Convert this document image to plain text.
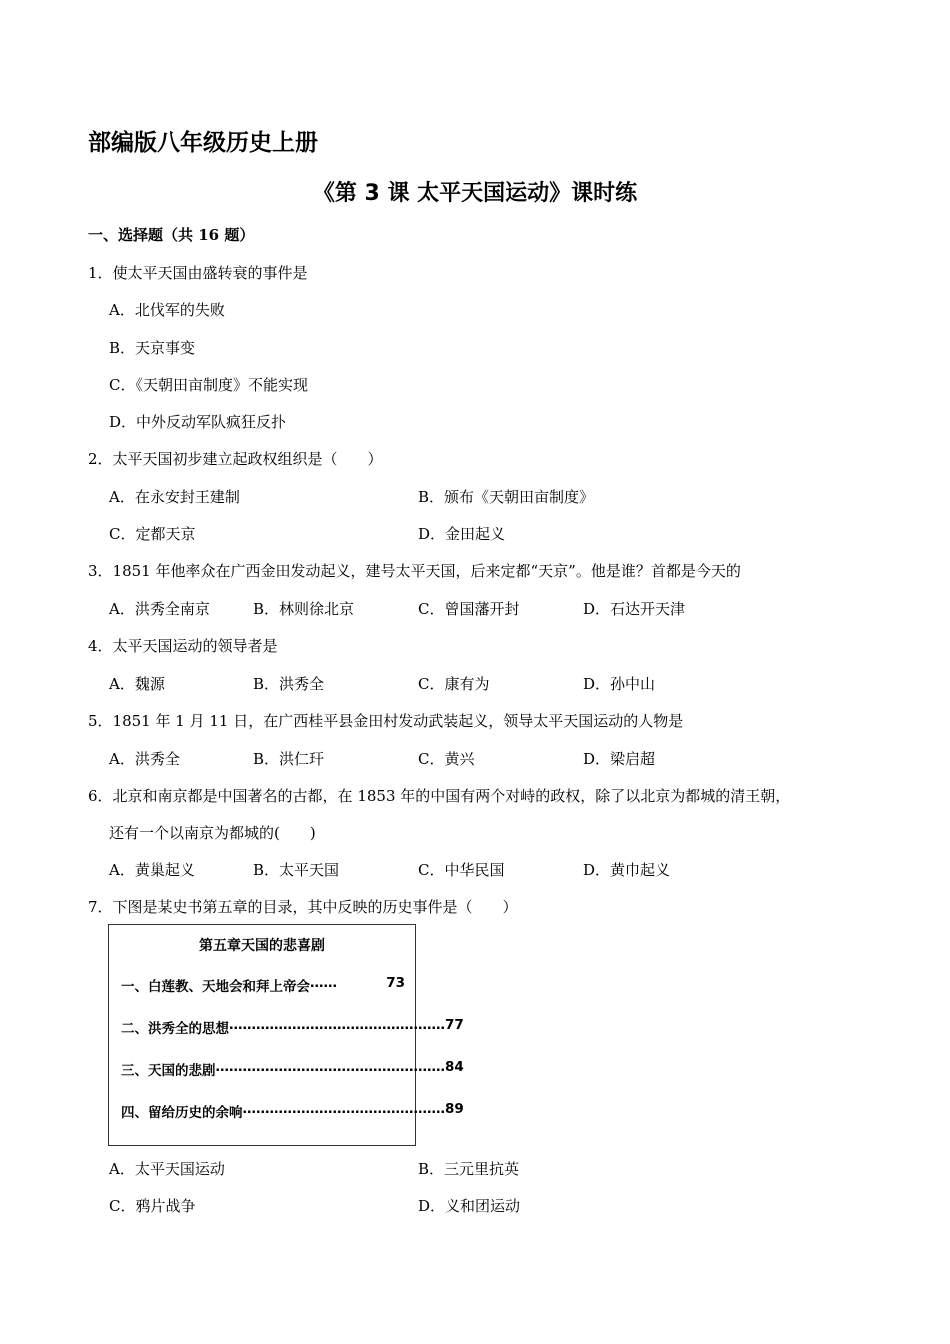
部编版八年级历史上册
《第 3 课 太平天国运动》课时练
一、选择题（共 16 题）
1．使太平天国由盛转衰的事件是
A．北伐军的失败
B．天京事变
C．《天朝田亩制度》不能实现
D．中外反动军队疯狂反扑
2．太平天国初步建立起政权组织是（　　）
A．在永安封王建制	B．颁布《天朝田亩制度》
C．定都天京	D．金田起义
3．1851 年他率众在广西金田发动起义，建号太平天国，后来定都“天京”。他是谁？首都是今天的
A．洪秀全南京	B．林则徐北京	C．曾国藩开封	D．石达开天津
4．太平天国运动的领导者是
A．魏源	B．洪秀全	C．康有为	D．孙中山
5．1851 年 1 月 11 日，在广西桂平县金田村发动武装起义，领导太平天国运动的人物是
A．洪秀全	B．洪仁玕	C．黄兴	D．梁启超
6．北京和南京都是中国著名的古都，在 1853 年的中国有两个对峙的政权，除了以北京为都城的清王朝，
还有一个以南京为都城的(　　)
A．黄巢起义	B．太平天国	C．中华民国	D．黄巾起义
7．下图是某史书第五章的目录，其中反映的历史事件是（　　）
第五章天国的悲喜剧
一、白莲教、天地会和拜上帝会 ……	73
二、洪秀全的思想 ………………………………………… 77
三、天国的悲剧 …………………………………………… 84
四、留给历史的余响 ……………………………………… 89
A．太平天国运动	B．三元里抗英
C．鸦片战争	D．义和团运动
